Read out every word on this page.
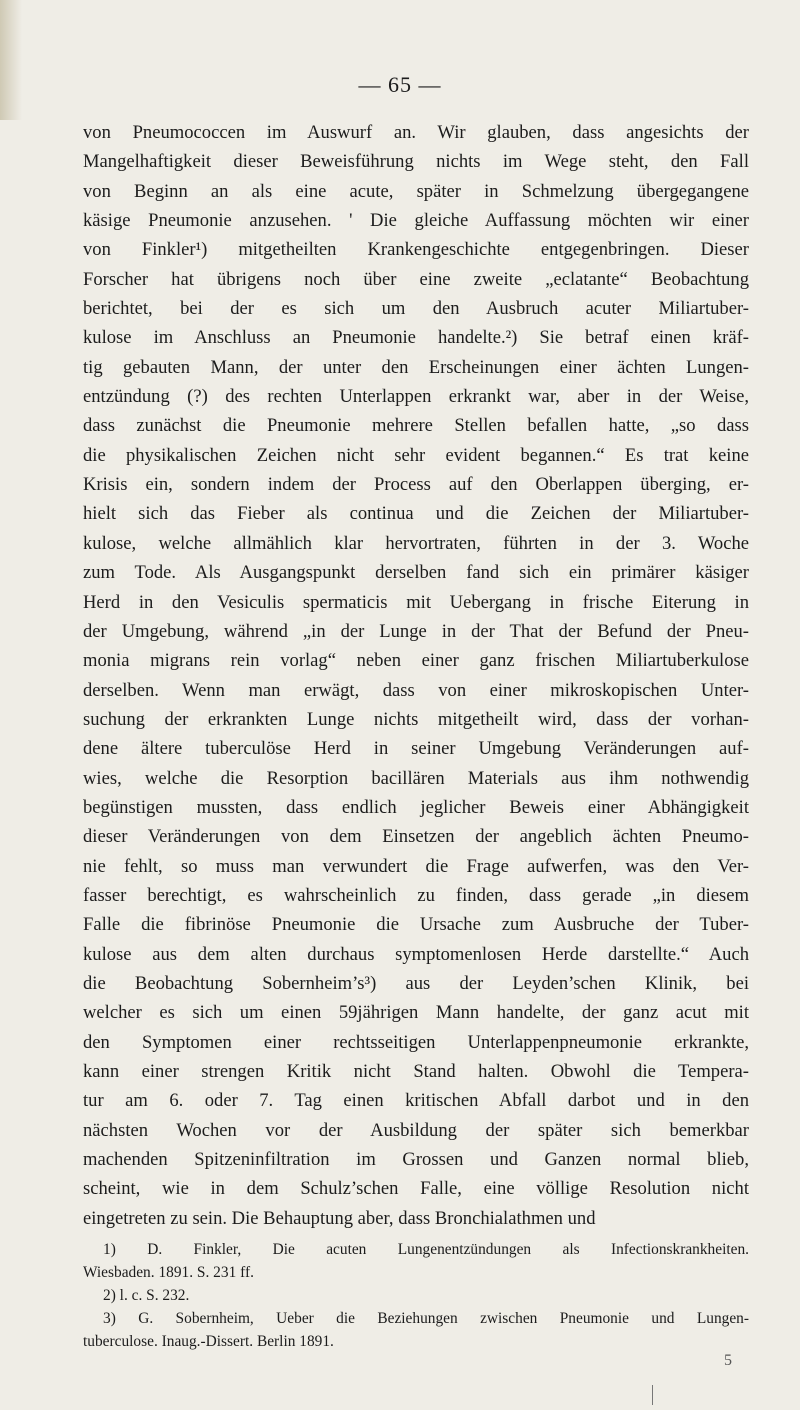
— 65 —
von Pneumococcen im Auswurf an. Wir glauben, dass angesichts der
Mangelhaftigkeit dieser Beweisführung nichts im Wege steht, den Fall
von Beginn an als eine acute, später in Schmelzung übergegangene
käsige Pneumonie anzusehen. ' Die gleiche Auffassung möchten wir einer
von Finkler¹) mitgetheilten Krankengeschichte entgegenbringen. Dieser
Forscher hat übrigens noch über eine zweite „eclatante“ Beobachtung
berichtet, bei der es sich um den Ausbruch acuter Miliartuber-
kulose im Anschluss an Pneumonie handelte.²) Sie betraf einen kräf-
tig gebauten Mann, der unter den Erscheinungen einer ächten Lungen-
entzündung (?) des rechten Unterlappen erkrankt war, aber in der Weise,
dass zunächst die Pneumonie mehrere Stellen befallen hatte, „so dass
die physikalischen Zeichen nicht sehr evident begannen.“ Es trat keine
Krisis ein, sondern indem der Process auf den Oberlappen überging, er-
hielt sich das Fieber als continua und die Zeichen der Miliartuber-
kulose, welche allmählich klar hervortraten, führten in der 3. Woche
zum Tode. Als Ausgangspunkt derselben fand sich ein primärer käsiger
Herd in den Vesiculis spermaticis mit Uebergang in frische Eiterung in
der Umgebung, während „in der Lunge in der That der Befund der Pneu-
monia migrans rein vorlag“ neben einer ganz frischen Miliartuberkulose
derselben. Wenn man erwägt, dass von einer mikroskopischen Unter-
suchung der erkrankten Lunge nichts mitgetheilt wird, dass der vorhan-
dene ältere tuberculöse Herd in seiner Umgebung Veränderungen auf-
wies, welche die Resorption bacillären Materials aus ihm nothwendig
begünstigen mussten, dass endlich jeglicher Beweis einer Abhängigkeit
dieser Veränderungen von dem Einsetzen der angeblich ächten Pneumo-
nie fehlt, so muss man verwundert die Frage aufwerfen, was den Ver-
fasser berechtigt, es wahrscheinlich zu finden, dass gerade „in diesem
Falle die fibrinöse Pneumonie die Ursache zum Ausbruche der Tuber-
kulose aus dem alten durchaus symptomenlosen Herde darstellte.“ Auch
die Beobachtung Sobernheim’s³) aus der Leyden’schen Klinik, bei
welcher es sich um einen 59jährigen Mann handelte, der ganz acut mit
den Symptomen einer rechtsseitigen Unterlappenpneumonie erkrankte,
kann einer strengen Kritik nicht Stand halten. Obwohl die Tempera-
tur am 6. oder 7. Tag einen kritischen Abfall darbot und in den
nächsten Wochen vor der Ausbildung der später sich bemerkbar
machenden Spitzeninfiltration im Grossen und Ganzen normal blieb,
scheint, wie in dem Schulz’schen Falle, eine völlige Resolution nicht
eingetreten zu sein. Die Behauptung aber, dass Bronchialathmen und
1) D. Finkler, Die acuten Lungenentzündungen als Infectionskrankheiten.
Wiesbaden. 1891. S. 231 ff.
2) l. c. S. 232.
3) G. Sobernheim, Ueber die Beziehungen zwischen Pneumonie und Lungen-
tuberculose. Inaug.-Dissert. Berlin 1891.
5
